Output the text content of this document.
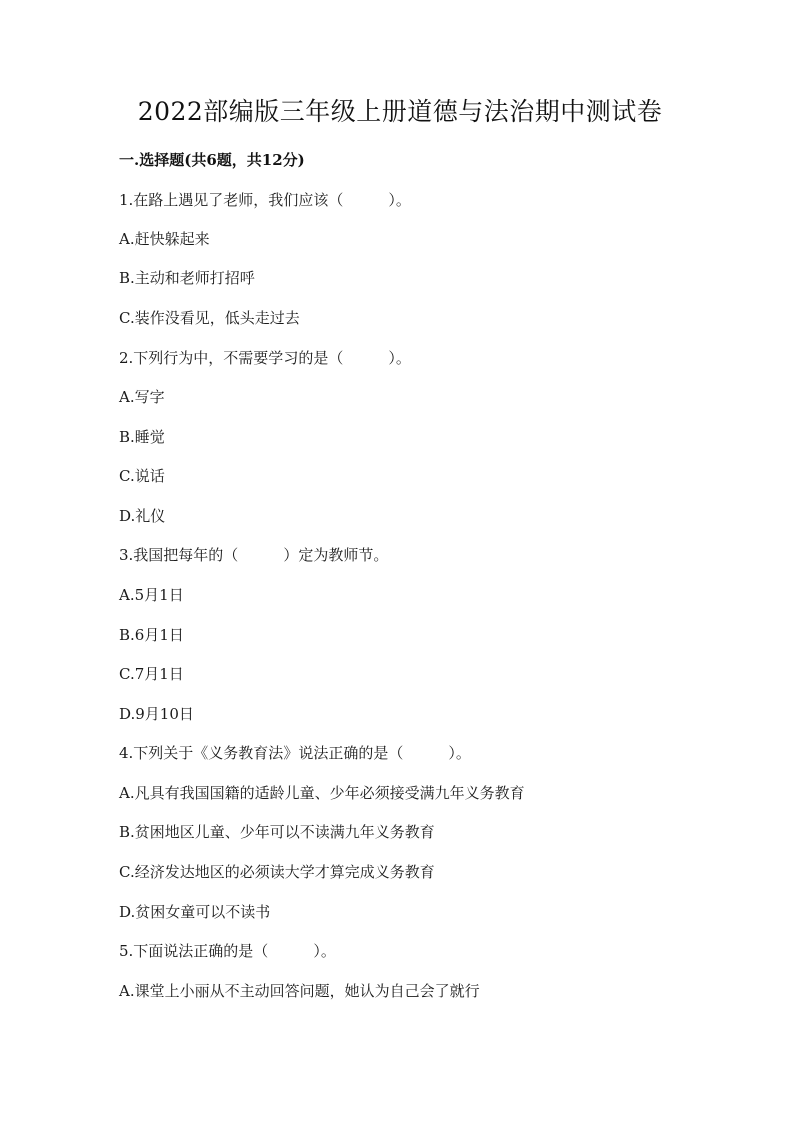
2022部编版三年级上册道德与法治期中测试卷
一.选择题(共6题，共12分)
1.在路上遇见了老师，我们应该（　　　）。
A.赶快躲起来
B.主动和老师打招呼
C.装作没看见，低头走过去
2.下列行为中，不需要学习的是（　　　）。
A.写字
B.睡觉
C.说话
D.礼仪
3.我国把每年的（　　　）定为教师节。
A.5月1日
B.6月1日
C.7月1日
D.9月10日
4.下列关于《义务教育法》说法正确的是（　　　）。
A.凡具有我国国籍的适龄儿童、少年必须接受满九年义务教育
B.贫困地区儿童、少年可以不读满九年义务教育
C.经济发达地区的必须读大学才算完成义务教育
D.贫困女童可以不读书
5.下面说法正确的是（　　　）。
A.课堂上小丽从不主动回答问题，她认为自己会了就行
